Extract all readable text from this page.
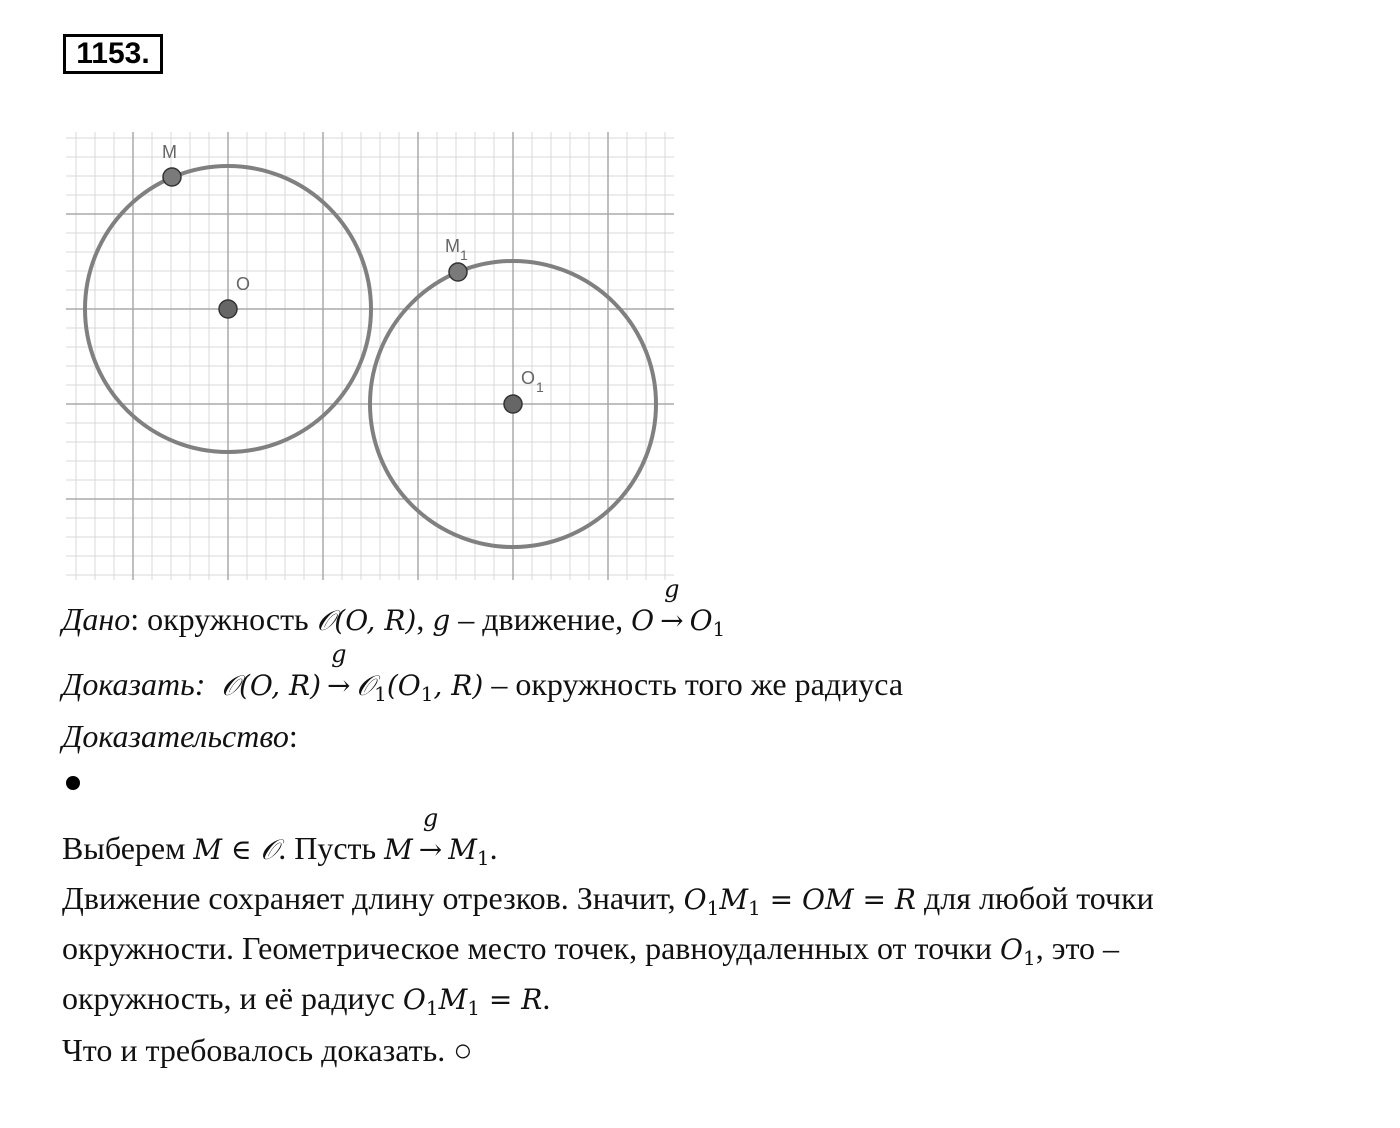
1153.
M
O
M 1
O 1
Дано: окружность 𝒪(O, R), g – движение, O
g
→ $O_1$
Доказать: 𝒪(O, R)
g
→ $𝒪_1(O_1$, R) – окружность того же радиуса
Доказательство:
Выберем M ∈ 𝒪. Пусть M
g
→ $M_1$.
Движение сохраняет длину отрезков. Значит, $O_1M_1$ = OM = R для любой точки
окружности. Геометрическое место точек, равноудаленных от точки $O_1$, это –
окружность, и её радиус $O_1M_1 = R$.
Что и требовалось доказать. ○
